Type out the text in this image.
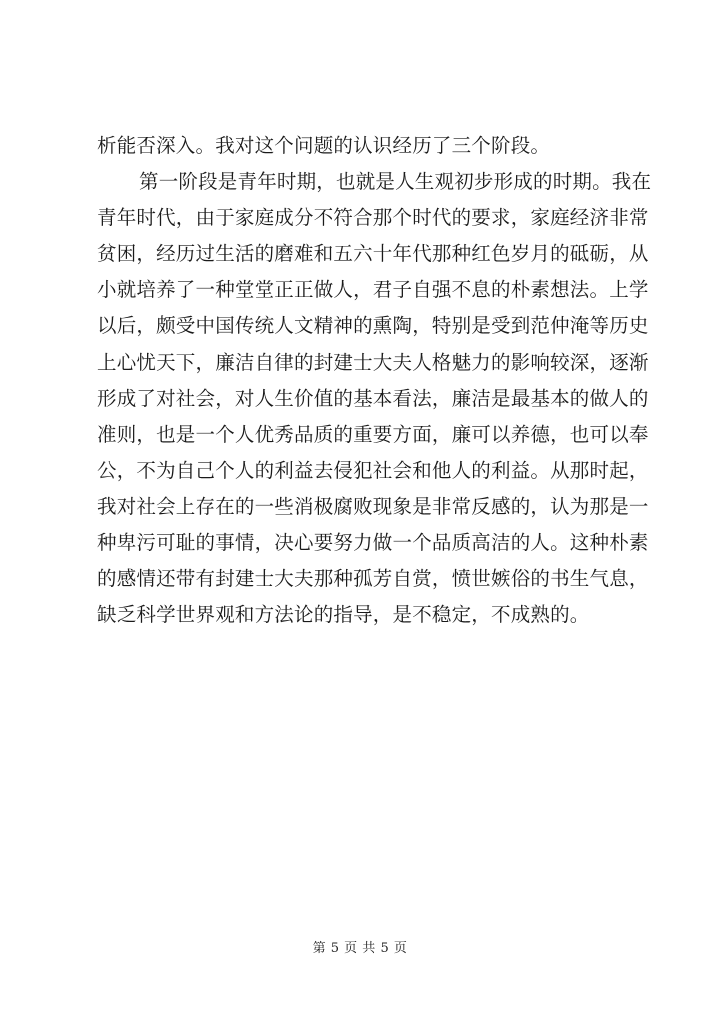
析能否深入。我对这个问题的认识经历了三个阶段。
第一阶段是青年时期，也就是人生观初步形成的时期。我在
青年时代，由于家庭成分不符合那个时代的要求，家庭经济非常
贫困，经历过生活的磨难和五六十年代那种红色岁月的砥砺，从
小就培养了一种堂堂正正做人，君子自强不息的朴素想法。上学
以后，颇受中国传统人文精神的熏陶，特别是受到范仲淹等历史
上心忧天下，廉洁自律的封建士大夫人格魅力的影响较深，逐渐
形成了对社会，对人生价值的基本看法，廉洁是最基本的做人的
准则，也是一个人优秀品质的重要方面，廉可以养德，也可以奉
公，不为自己个人的利益去侵犯社会和他人的利益。从那时起，
我对社会上存在的一些消极腐败现象是非常反感的，认为那是一
种卑污可耻的事情，决心要努力做一个品质高洁的人。这种朴素
的感情还带有封建士大夫那种孤芳自赏，愤世嫉俗的书生气息，
缺乏科学世界观和方法论的指导，是不稳定，不成熟的。
第 5 页 共 5 页
